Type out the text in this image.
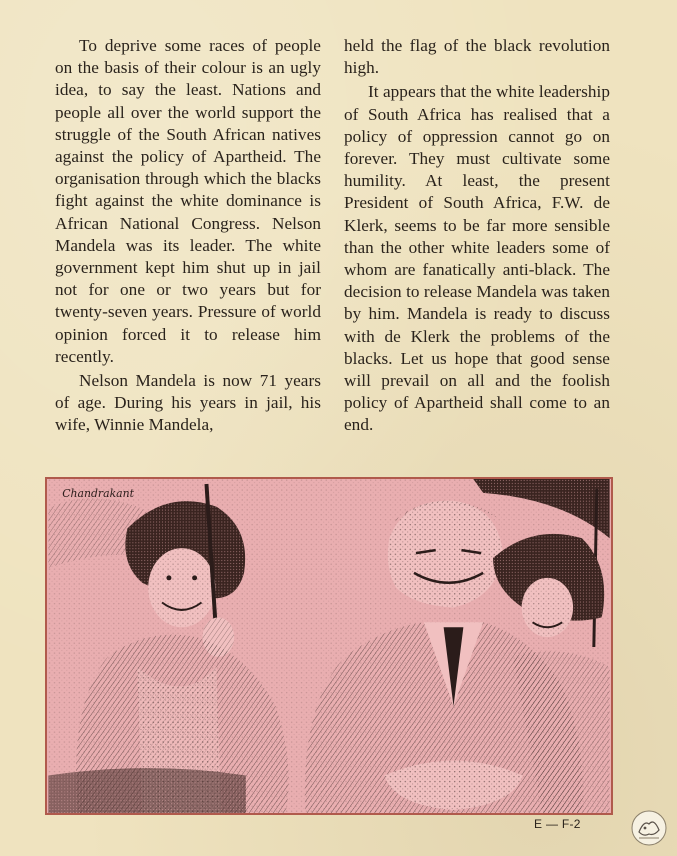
To deprive some races of people on the basis of their colour is an ugly idea, to say the least. Nations and people all over the world support the struggle of the South African natives against the policy of Apartheid. The organisation through which the blacks fight against the white dominance is African National Congress. Nelson Mandela was its leader. The white government kept him shut up in jail not for one or two years but for twenty-seven years. Pressure of world opinion forced it to release him recently.

Nelson Mandela is now 71 years of age. During his years in jail, his wife, Winnie Mandela,

held the flag of the black revolution high.

It appears that the white leadership of South Africa has realised that a policy of oppression cannot go on forever. They must cultivate some humility. At least, the present President of South Africa, F.W. de Klerk, seems to be far more sensible than the other white leaders some of whom are fanatically anti-black. The decision to release Mandela was taken by him. Mandela is ready to discuss with de Klerk the problems of the blacks. Let us hope that good sense will prevail on all and the foolish policy of Apartheid shall come to an end.

Chandrakant
E — F-2
